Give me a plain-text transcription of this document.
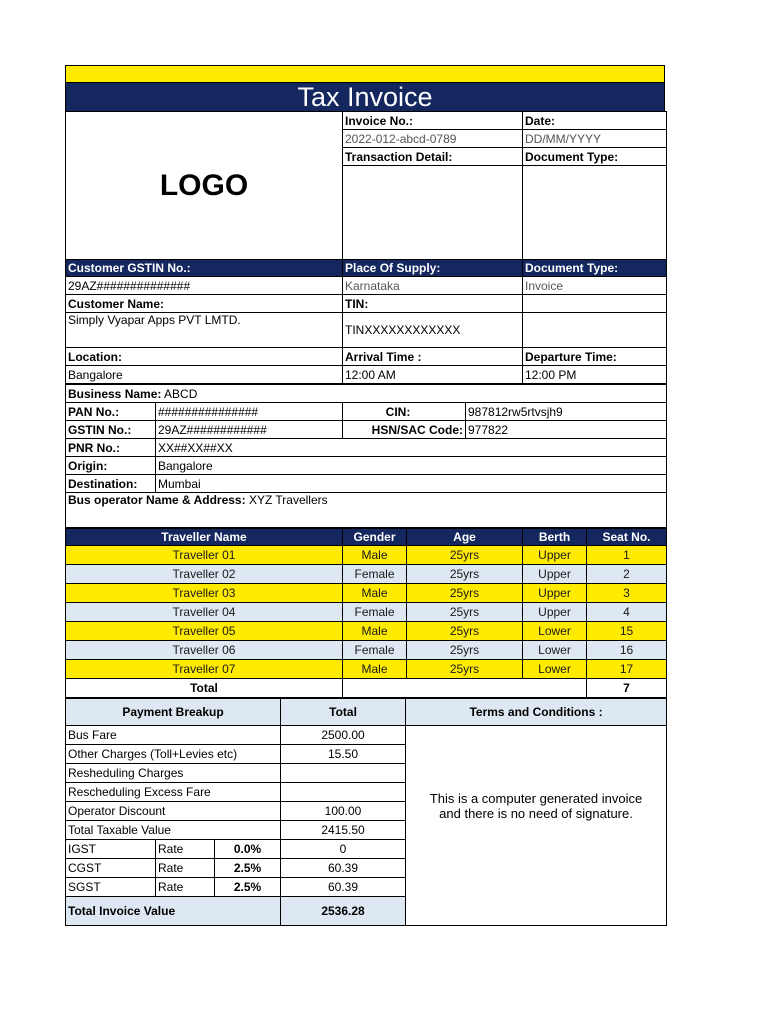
Tax Invoice
LOGO	Invoice No.:	Date:
	2022-012-abcd-0789	DD/MM/YYYY
	Transaction Detail:	Document Type:

Customer GSTIN No.:	Place Of Supply:	Document Type:
29AZ##############	Karnataka	Invoice
Customer Name:	TIN:	
Simply Vyapar Apps PVT LMTD.	TINXXXXXXXXXXXX	
Location:	Arrival Time :	Departure Time:
Bangalore	12:00 AM	12:00 PM
Business Name: ABCD			
PAN No.:	###############	CIN:	987812rw5rtvsjh9
GSTIN No.:	29AZ############	HSN/SAC Code:	977822
PNR No.:	XX##XX##XX		
Origin:	Bangalore		
Destination:	Mumbai		
Bus operator Name & Address: XYZ Travellers			
Traveller Name	Gender	Age	Berth	Seat No.
Traveller 01	Male	25yrs	Upper	1
Traveller 02	Female	25yrs	Upper	2
Traveller 03	Male	25yrs	Upper	3
Traveller 04	Female	25yrs	Upper	4
Traveller 05	Male	25yrs	Lower	15
Traveller 06	Female	25yrs	Lower	16
Traveller 07	Male	25yrs	Lower	17
Total				7
Payment Breakup			Total	Terms and Conditions :
Bus Fare			2500.00	This is a computer generated invoice
and there is no need of signature.

Other Charges (Toll+Levies etc)			15.50	
Resheduling Charges				
Rescheduling Excess Fare				
Operator Discount			100.00	
Total Taxable Value			2415.50	
IGST	Rate	0.0%	0	
CGST	Rate	2.5%	60.39	
SGST	Rate	2.5%	60.39	
Total Invoice Value			2536.28	
